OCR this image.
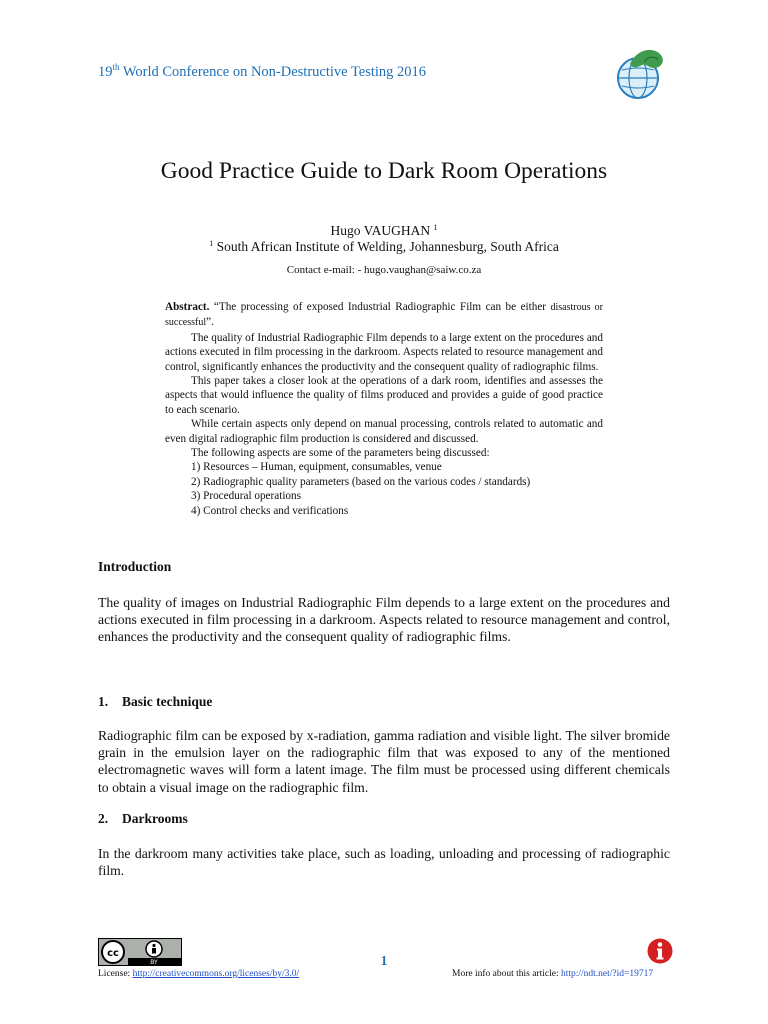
19th World Conference on Non-Destructive Testing 2016
Good Practice Guide to Dark Room Operations
Hugo VAUGHAN $^1$
$^1$ South African Institute of Welding, Johannesburg, South Africa
Contact e-mail: - hugo.vaughan@saiw.co.za

Abstract. “The processing of exposed Industrial Radiographic Film can be either disastrous or successful”.

The quality of Industrial Radiographic Film depends to a large extent on the procedures and actions executed in film processing in the darkroom. Aspects related to resource management and control, significantly enhances the productivity and the consequent quality of radiographic films.

This paper takes a closer look at the operations of a dark room, identifies and assesses the aspects that would influence the quality of films produced and provides a guide of good practice to each scenario.

While certain aspects only depend on manual processing, controls related to automatic and even digital radiographic film production is considered and discussed.

The following aspects are some of the parameters being discussed:

1) Resources – Human, equipment, consumables, venue

2) Radiographic quality parameters (based on the various codes / standards)

3) Procedural operations

4) Control checks and verifications

Introduction

The quality of images on Industrial Radiographic Film depends to a large extent on the procedures and actions executed in film processing in a darkroom. Aspects related to resource management and control, enhances the productivity and the consequent quality of radiographic films.

1. Basic technique

Radiographic film can be exposed by x-radiation, gamma radiation and visible light. The silver bromide grain in the emulsion layer on the radiographic film that was exposed to any of the mentioned electromagnetic waves will form a latent image. The film must be processed using different chemicals to obtain a visual image on the radiographic film.

2. Darkrooms

In the darkroom many activities take place, such as loading, unloading and processing of radiographic film.

cc
BY	1
License: http://creativecommons.org/licenses/by/3.0/	More info about this article: http://ndt.net/?id=19717
